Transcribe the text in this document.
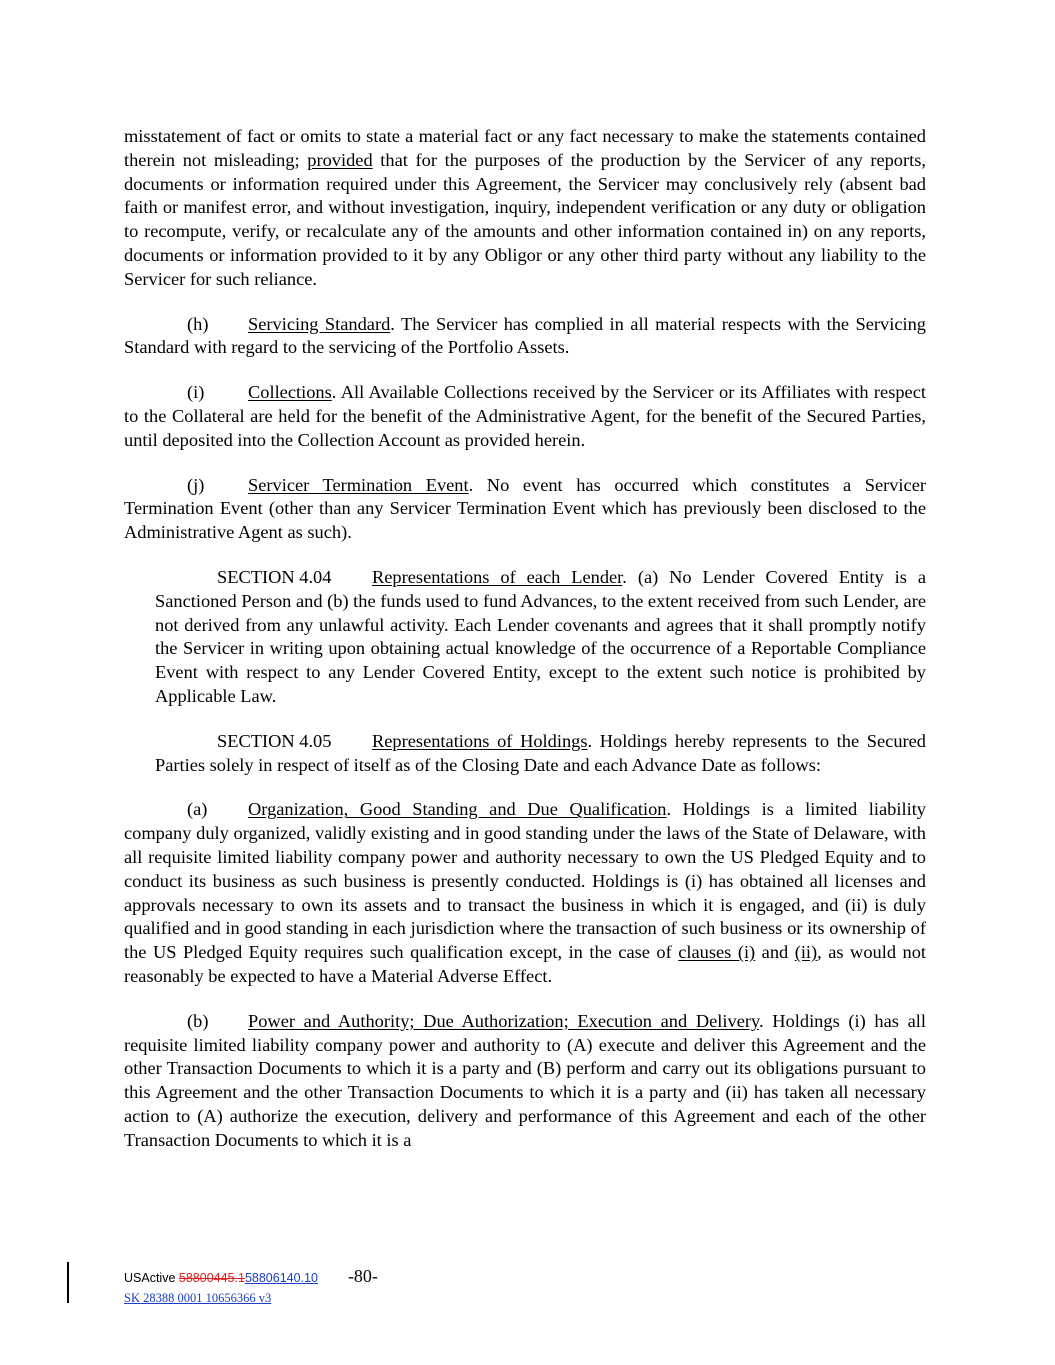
misstatement of fact or omits to state a material fact or any fact necessary to make the statements contained therein not misleading; provided that for the purposes of the production by the Servicer of any reports, documents or information required under this Agreement, the Servicer may conclusively rely (absent bad faith or manifest error, and without investigation, inquiry, independent verification or any duty or obligation to recompute, verify, or recalculate any of the amounts and other information contained in) on any reports, documents or information provided to it by any Obligor or any other third party without any liability to the Servicer for such reliance.

(h) Servicing Standard. The Servicer has complied in all material respects with the Servicing Standard with regard to the servicing of the Portfolio Assets.

(i) Collections. All Available Collections received by the Servicer or its Affiliates with respect to the Collateral are held for the benefit of the Administrative Agent, for the benefit of the Secured Parties, until deposited into the Collection Account as provided herein.

(j) Servicer Termination Event. No event has occurred which constitutes a Servicer Termination Event (other than any Servicer Termination Event which has previously been disclosed to the Administrative Agent as such).

SECTION 4.04 Representations of each Lender. (a) No Lender Covered Entity is a Sanctioned Person and (b) the funds used to fund Advances, to the extent received from such Lender, are not derived from any unlawful activity. Each Lender covenants and agrees that it shall promptly notify the Servicer in writing upon obtaining actual knowledge of the occurrence of a Reportable Compliance Event with respect to any Lender Covered Entity, except to the extent such notice is prohibited by Applicable Law.

SECTION 4.05 Representations of Holdings. Holdings hereby represents to the Secured Parties solely in respect of itself as of the Closing Date and each Advance Date as follows:

(a) Organization, Good Standing and Due Qualification. Holdings is a limited liability company duly organized, validly existing and in good standing under the laws of the State of Delaware, with all requisite limited liability company power and authority necessary to own the US Pledged Equity and to conduct its business as such business is presently conducted. Holdings is (i) has obtained all licenses and approvals necessary to own its assets and to transact the business in which it is engaged, and (ii) is duly qualified and in good standing in each jurisdiction where the transaction of such business or its ownership of the US Pledged Equity requires such qualification except, in the case of clauses (i) and (ii), as would not reasonably be expected to have a Material Adverse Effect.

(b) Power and Authority; Due Authorization; Execution and Delivery. Holdings (i) has all requisite limited liability company power and authority to (A) execute and deliver this Agreement and the other Transaction Documents to which it is a party and (B) perform and carry out its obligations pursuant to this Agreement and the other Transaction Documents to which it is a party and (ii) has taken all necessary action to (A) authorize the execution, delivery and performance of this Agreement and each of the other Transaction Documents to which it is a

USActive 58800445.158806140.10 -80-
SK 28388 0001 10656366 v3
